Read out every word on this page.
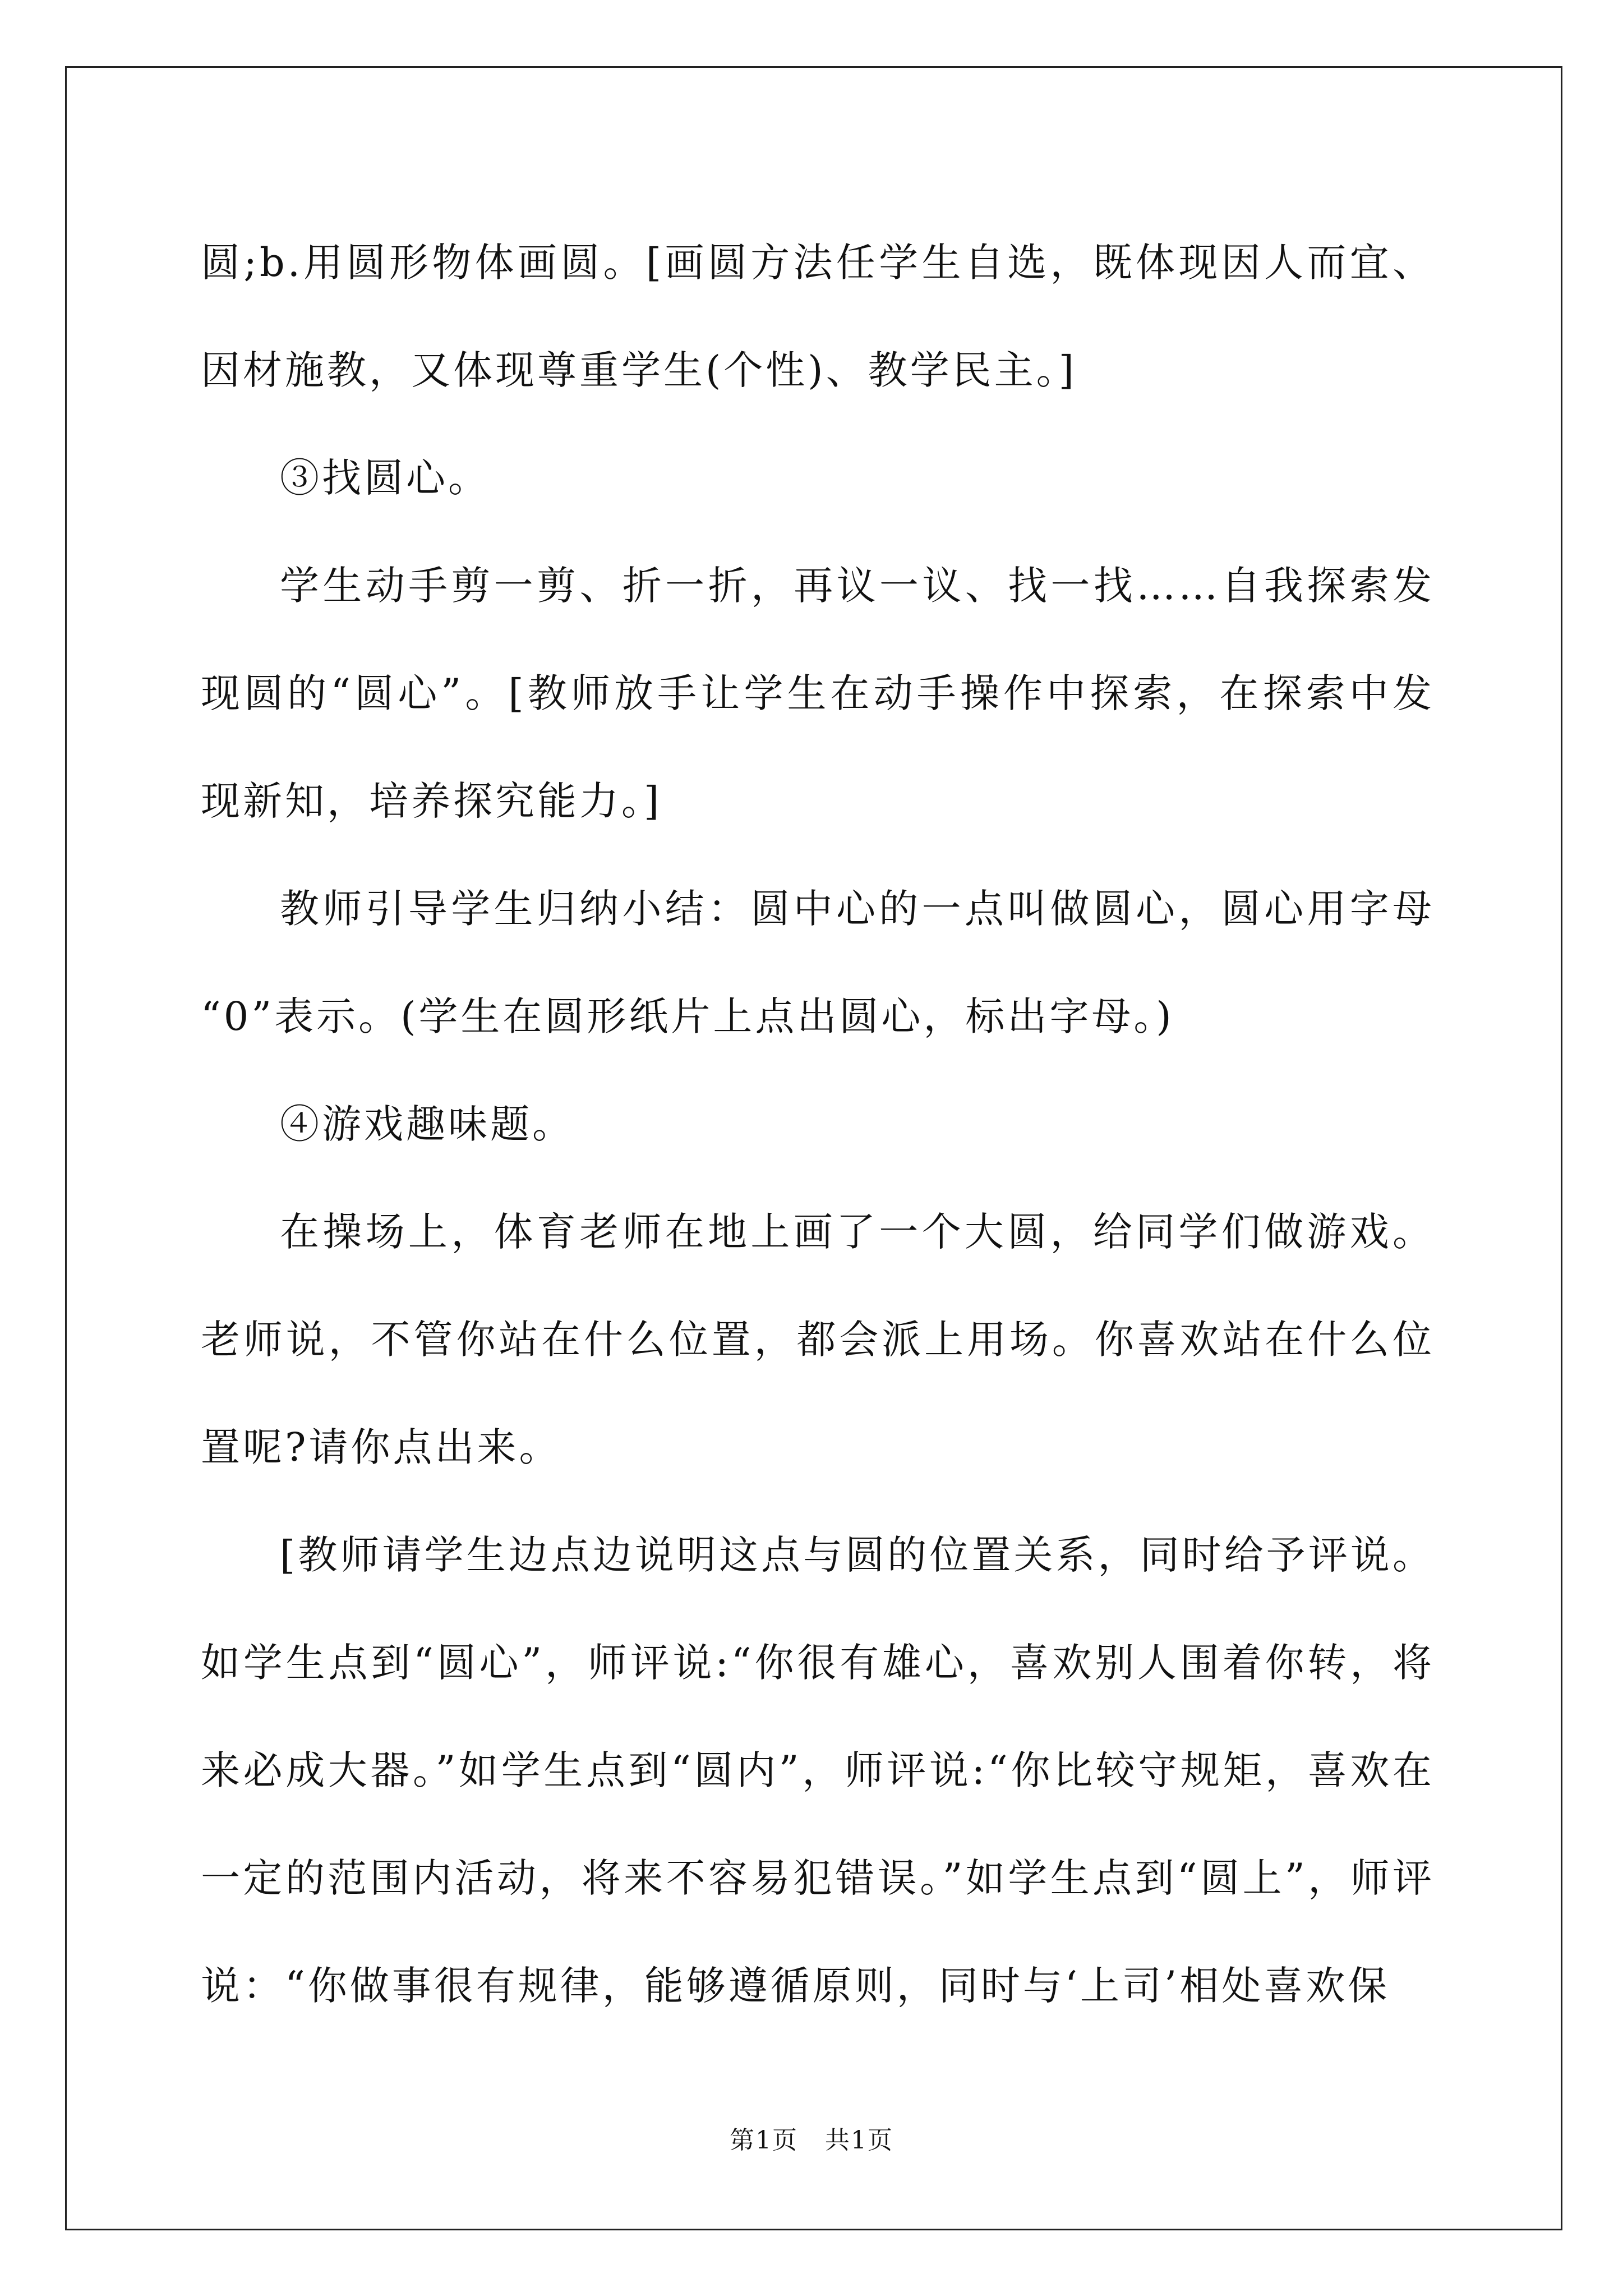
圆;b.用圆形物体画圆。[画圆方法任学生自选，既体现因人而宜、因材施教，又体现尊重学生(个性)、教学民主。]

③找圆心。

学生动手剪一剪、折一折，再议一议、找一找……自我探索发现圆的“圆心”。[教师放手让学生在动手操作中探索，在探索中发现新知，培养探究能力。]

教师引导学生归纳小结：圆中心的一点叫做圆心，圆心用字母“0”表示。(学生在圆形纸片上点出圆心，标出字母。)

④游戏趣味题。

在操场上，体育老师在地上画了一个大圆，给同学们做游戏。老师说，不管你站在什么位置，都会派上用场。你喜欢站在什么位置呢?请你点出来。

[教师请学生边点边说明这点与圆的位置关系，同时给予评说。如学生点到“圆心”，师评说:“你很有雄心，喜欢别人围着你转，将来必成大器。”如学生点到“圆内”，师评说:“你比较守规矩，喜欢在一定的范围内活动，将来不容易犯错误。”如学生点到“圆上”，师评说：“你做事很有规律，能够遵循原则，同时与‘上司’相处喜欢保

第1页 共1页
